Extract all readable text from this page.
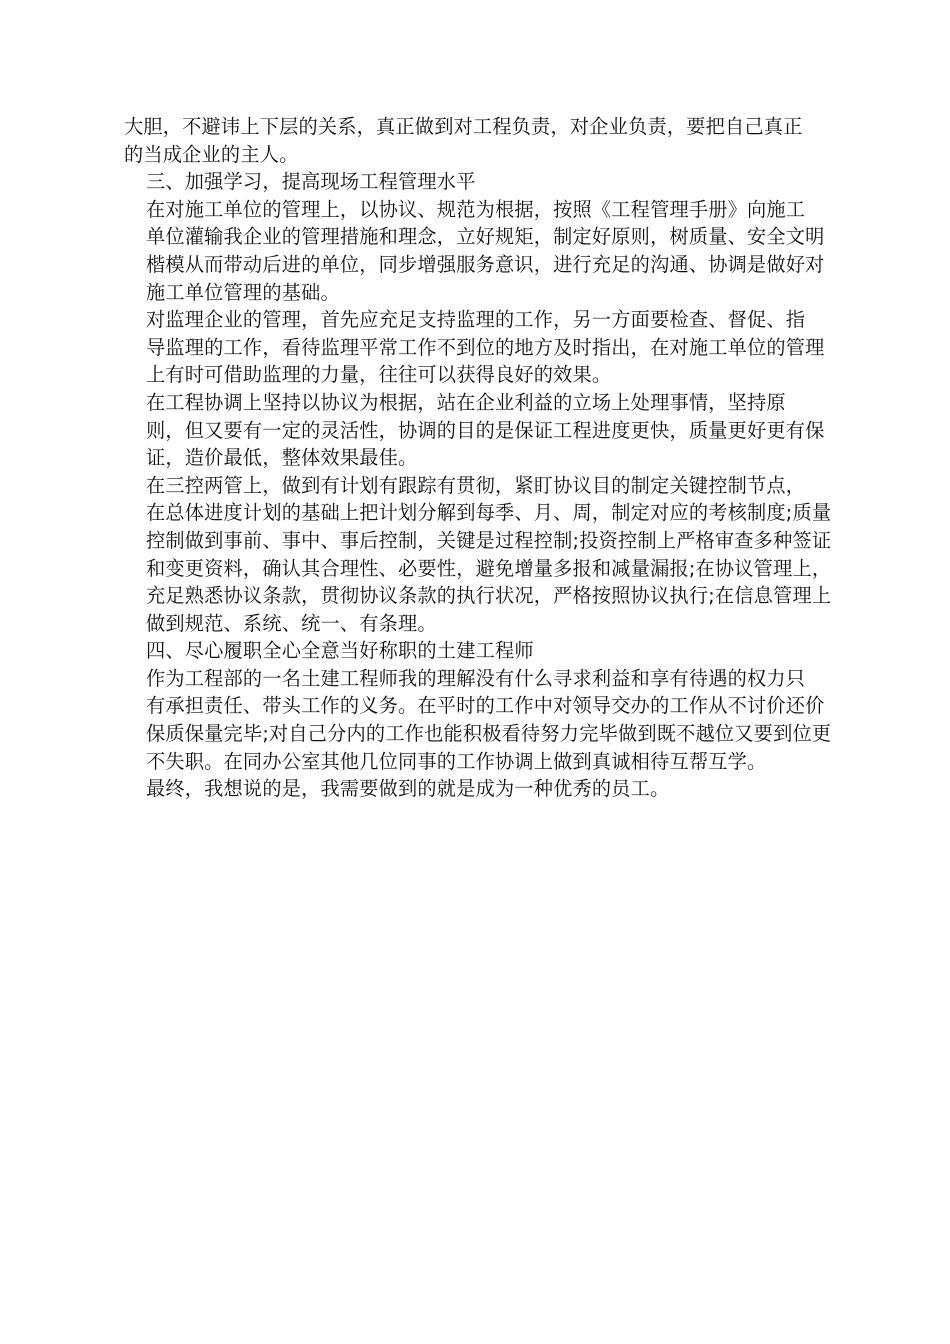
大胆，不避讳上下层的关系，真正做到对工程负责，对企业负责，要把自己真正
的当成企业的主人。

三、加强学习，提高现场工程管理水平

在对施工单位的管理上，以协议、规范为根据，按照《工程管理手册》向施工
单位灌输我企业的管理措施和理念，立好规矩，制定好原则，树质量、安全文明
楷模从而带动后进的单位，同步增强服务意识，进行充足的沟通、协调是做好对
施工单位管理的基础。

对监理企业的管理，首先应充足支持监理的工作，另一方面要检查、督促、指
导监理的工作，看待监理平常工作不到位的地方及时指出，在对施工单位的管理
上有时可借助监理的力量，往往可以获得良好的效果。

在工程协调上坚持以协议为根据，站在企业利益的立场上处理事情，坚持原
则，但又要有一定的灵活性，协调的目的是保证工程进度更快，质量更好更有保
证，造价最低，整体效果最佳。

在三控两管上，做到有计划有跟踪有贯彻，紧盯协议目的制定关键控制节点，
在总体进度计划的基础上把计划分解到每季、月、周，制定对应的考核制度;质量
控制做到事前、事中、事后控制，关键是过程控制;投资控制上严格审查多种签证
和变更资料，确认其合理性、必要性，避免增量多报和减量漏报;在协议管理上，
充足熟悉协议条款，贯彻协议条款的执行状况，严格按照协议执行;在信息管理上
做到规范、系统、统一、有条理。

四、尽心履职全心全意当好称职的土建工程师

作为工程部的一名土建工程师我的理解没有什么寻求利益和享有待遇的权力只
有承担责任、带头工作的义务。在平时的工作中对领导交办的工作从不讨价还价
保质保量完毕;对自己分内的工作也能积极看待努力完毕做到既不越位又要到位更
不失职。在同办公室其他几位同事的工作协调上做到真诚相待互帮互学。

最终，我想说的是，我需要做到的就是成为一种优秀的员工。
